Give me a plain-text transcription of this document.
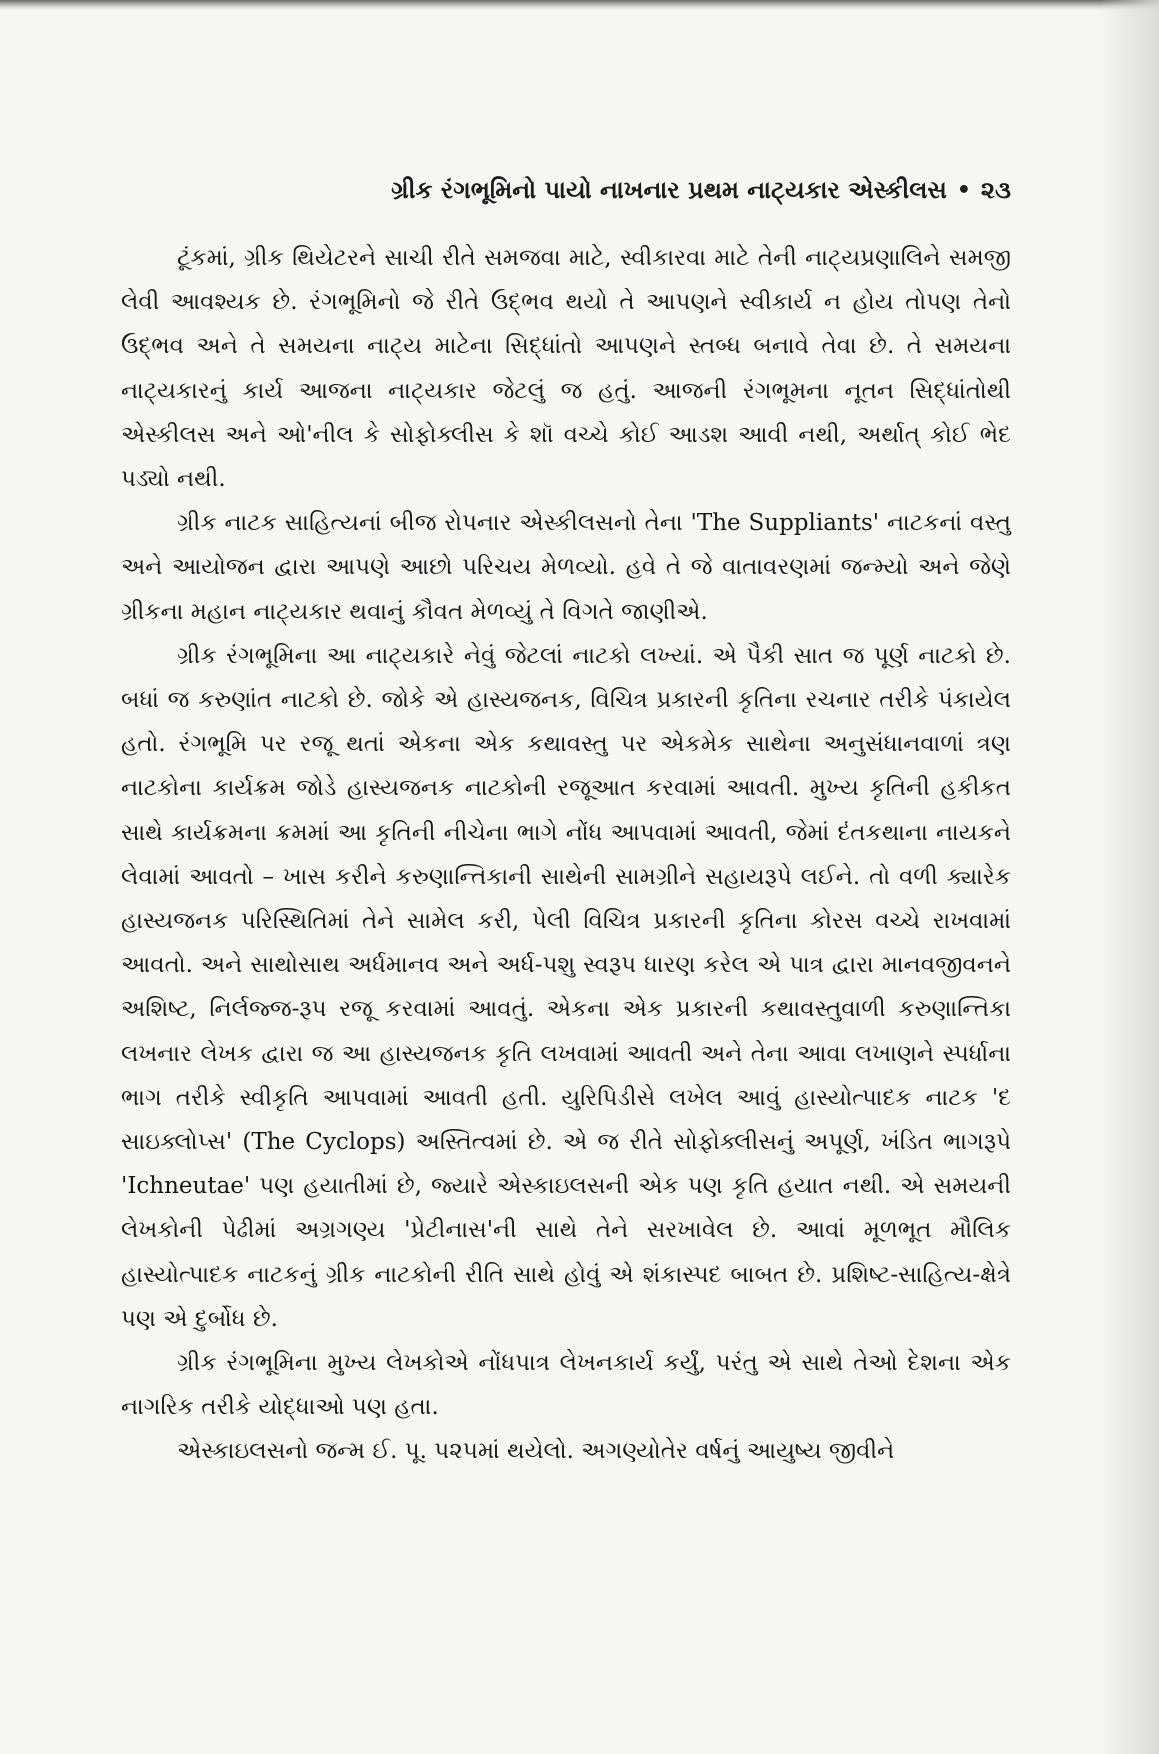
ગ્રીક રંગભૂમિનો પાયો નાખનાર પ્રથમ નાટ્યકાર એસ્કીલસ • ૨૩

ટૂંકમાં, ગ્રીક થિયેટરને સાચી રીતે સમજવા માટે, સ્વીકારવા માટે તેની નાટ્યપ્રણાલિને સમજી લેવી આવશ્યક છે. રંગભૂમિનો જે રીતે ઉદ્ભવ થયો તે આપણને સ્વીકાર્ય ન હોય તોપણ તેનો ઉદ્ભવ અને તે સમયના નાટ્ય માટેના સિદ્ધાંતો આપણને સ્તબ્ધ બનાવે તેવા છે. તે સમયના નાટ્યકારનું કાર્ય આજના નાટ્યકાર જેટલું જ હતું. આજની રંગભૂમના નૂતન સિદ્ધાંતોથી એસ્કીલસ અને ઓ'નીલ કે સોફોક્લીસ કે શૉ વચ્ચે કોઈ આડશ આવી નથી, અર્થાત્ કોઈ ભેદ પડ્યો નથી.

ગ્રીક નાટક સાહિત્યનાં બીજ રોપનાર એસ્કીલસનો તેના 'The Suppliants' નાટકનાં વસ્તુ અને આયોજન દ્વારા આપણે આછો પરિચય મેળવ્યો. હવે તે જે વાતાવરણમાં જન્મ્યો અને જેણે ગ્રીકના મહાન નાટ્યકાર થવાનું કૌવત મેળવ્યું તે વિગતે જાણીએ.

ગ્રીક રંગભૂમિના આ નાટ્યકારે નેવું જેટલાં નાટકો લખ્યાં. એ પૈકી સાત જ પૂર્ણ નાટકો છે. બધાં જ કરુણાંત નાટકો છે. જોકે એ હાસ્યજનક, વિચિત્ર પ્રકારની કૃતિના રચનાર તરીકે પંકાયેલ હતો. રંગભૂમિ પર રજૂ થતાં એકના એક કથાવસ્તુ પર એકમેક સાથેના અનુસંધાનવાળાં ત્રણ નાટકોના કાર્યક્રમ જોડે હાસ્યજનક નાટકોની રજૂઆત કરવામાં આવતી. મુખ્ય કૃતિની હકીકત સાથે કાર્યક્રમના ક્રમમાં આ કૃતિની નીચેના ભાગે નોંધ આપવામાં આવતી, જેમાં દંતકથાના નાયકને લેવામાં આવતો – ખાસ કરીને કરુણાન્તિકાની સાથેની સામગ્રીને સહાયરૂપે લઈને. તો વળી ક્યારેક હાસ્યજનક પરિસ્થિતિમાં તેને સામેલ કરી, પેલી વિચિત્ર પ્રકારની કૃતિના કોરસ વચ્ચે રાખવામાં આવતો. અને સાથોસાથ અર્ધમાનવ અને અર્ધ-પશુ સ્વરૂપ ધારણ કરેલ એ પાત્ર દ્વારા માનવજીવનને અશિષ્ટ, નિર્લજ્જ-રૂપ રજૂ કરવામાં આવતું. એકના એક પ્રકારની કથાવસ્તુવાળી કરુણાન્તિકા લખનાર લેખક દ્વારા જ આ હાસ્યજનક કૃતિ લખવામાં આવતી અને તેના આવા લખાણને સ્પર્ધાના ભાગ તરીકે સ્વીકૃતિ આપવામાં આવતી હતી. યુરિપિડીસે લખેલ આવું હાસ્યોત્પાદક નાટક 'દ સાઇક્લોપ્સ' (The Cyclops) અસ્તિત્વમાં છે. એ જ રીતે સોફોક્લીસનું અપૂર્ણ, ખંડિત ભાગરૂપે 'Ichneutae' પણ હયાતીમાં છે, જ્યારે એસ્કાઇલસની એક પણ કૃતિ હયાત નથી. એ સમયની લેખકોની પેઢીમાં અગ્રગણ્ય 'પ્રેટીનાસ'ની સાથે તેને સરખાવેલ છે. આવાં મૂળભૂત મૌલિક હાસ્યોત્પાદક નાટકનું ગ્રીક નાટકોની રીતિ સાથે હોવું એ શંકાસ્પદ બાબત છે. પ્રશિષ્ટ-સાહિત્ય-ક્ષેત્રે પણ એ દુર્બોધ છે.

ગ્રીક રંગભૂમિના મુખ્ય લેખકોએ નોંધપાત્ર લેખનકાર્ય કર્યું, પરંતુ એ સાથે તેઓ દેશના એક નાગરિક તરીકે યોદ્ધાઓ પણ હતા.

એસ્કાઇલસનો જન્મ ઈ. પૂ. પ૨૫માં થયેલો. અગણ્યોતેર વર્ષનું આયુષ્ય જીવીને
